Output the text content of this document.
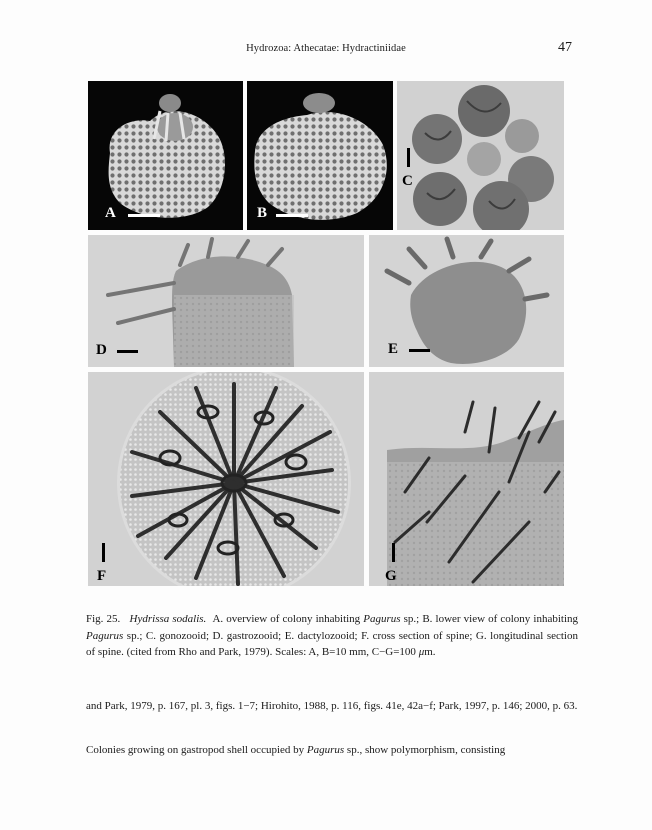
Hydrozoa: Athecatae: Hydractiniidae	47
A	B
C
D	E
F	G
Fig. 25. Hydrissa sodalis. A. overview of colony inhabiting Pagurus sp.; B. lower view of colony inhabiting Pagurus sp.; C. gonozooid; D. gastrozooid; E. dactylozooid; F. cross section of spine; G. longitudinal section of spine. (cited from Rho and Park, 1979). Scales: A, B=10 mm, C−G=100 μm.
and Park, 1979, p. 167, pl. 3, figs. 1−7; Hirohito, 1988, p. 116, figs. 41e, 42a−f; Park, 1997, p. 146; 2000, p. 63.
Colonies growing on gastropod shell occupied by Pagurus sp., show polymorphism, consisting
